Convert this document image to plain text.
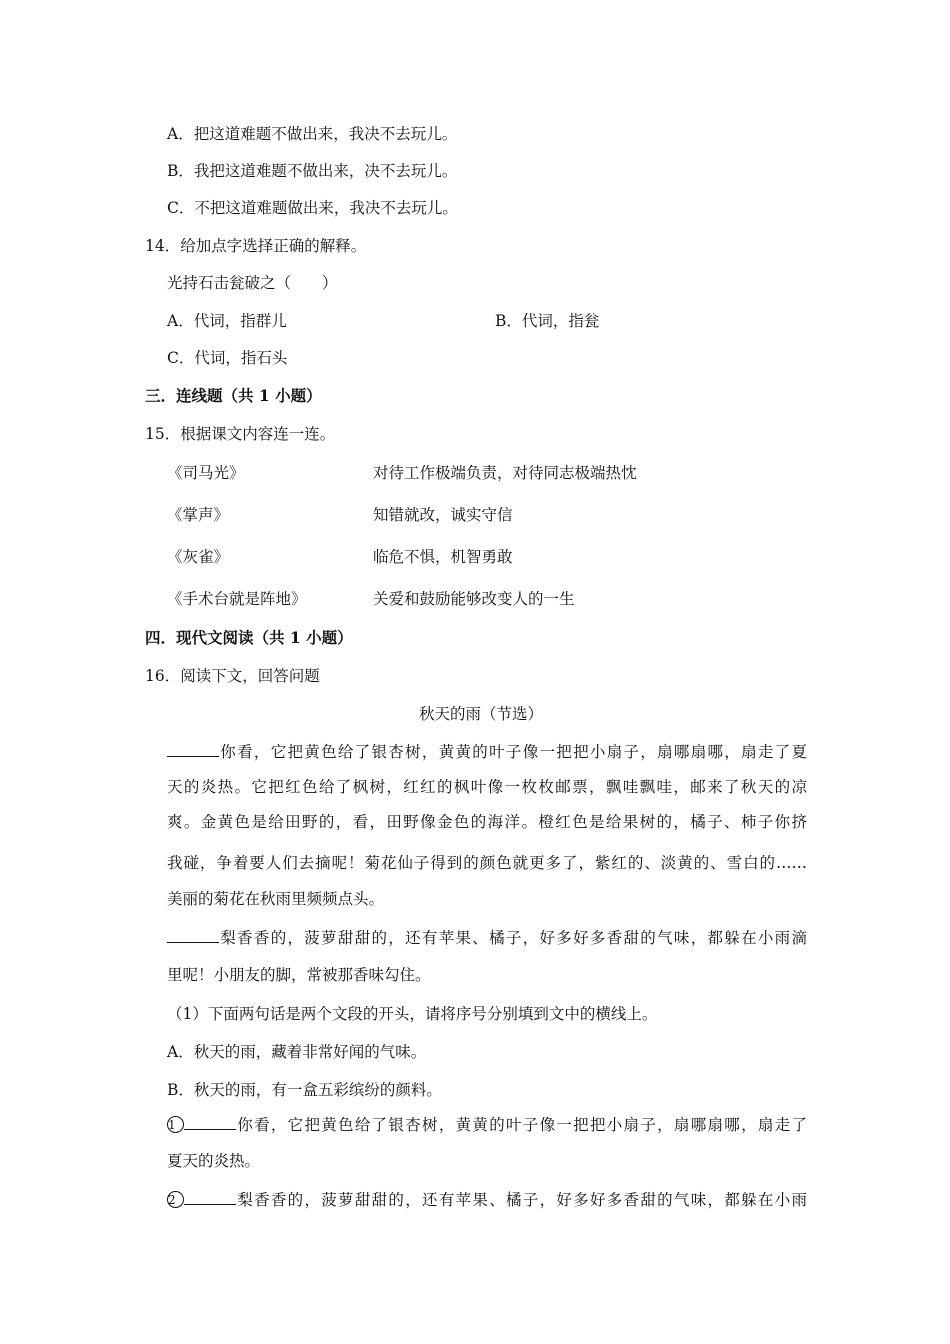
A．把这道难题不做出来，我决不去玩儿。
B．我把这道难题不做出来，决不去玩儿。
C．不把这道难题做出来，我决不去玩儿。
14．给加点字选择正确的解释。
光持石击瓮破之（　　）
A．代词，指群儿	B．代词，指瓮
C．代词，指石头
三．连线题（共 1 小题）
15．根据课文内容连一连。
《司马光》	对待工作极端负责，对待同志极端热忱
《掌声》	知错就改，诚实守信
《灰雀》	临危不惧，机智勇敢
《手术台就是阵地》	关爱和鼓励能够改变人的一生
四．现代文阅读（共 1 小题）
16．阅读下文，回答问题
秋天的雨（节选）
你看，它把黄色给了银杏树，黄黄的叶子像一把把小扇子，扇哪扇哪，扇走了夏
天的炎热。它把红色给了枫树，红红的枫叶像一枚枚邮票，飘哇飘哇，邮来了秋天的凉
爽。金黄色是给田野的，看，田野像金色的海洋。橙红色是给果树的，橘子、柿子你挤
我碰，争着要人们去摘呢！菊花仙子得到的颜色就更多了，紫红的、淡黄的、雪白的……
美丽的菊花在秋雨里频频点头。
梨香香的，菠萝甜甜的，还有苹果、橘子，好多好多香甜的气味，都躲在小雨滴
里呢！小朋友的脚，常被那香味勾住。
（1）下面两句话是两个文段的开头，请将序号分别填到文中的横线上。
A．秋天的雨，藏着非常好闻的气味。
B．秋天的雨，有一盒五彩缤纷的颜料。
1	你看，它把黄色给了银杏树，黄黄的叶子像一把把小扇子，扇哪扇哪，扇走了
夏天的炎热。
2	梨香香的，菠萝甜甜的，还有苹果、橘子，好多好多香甜的气味，都躲在小雨
